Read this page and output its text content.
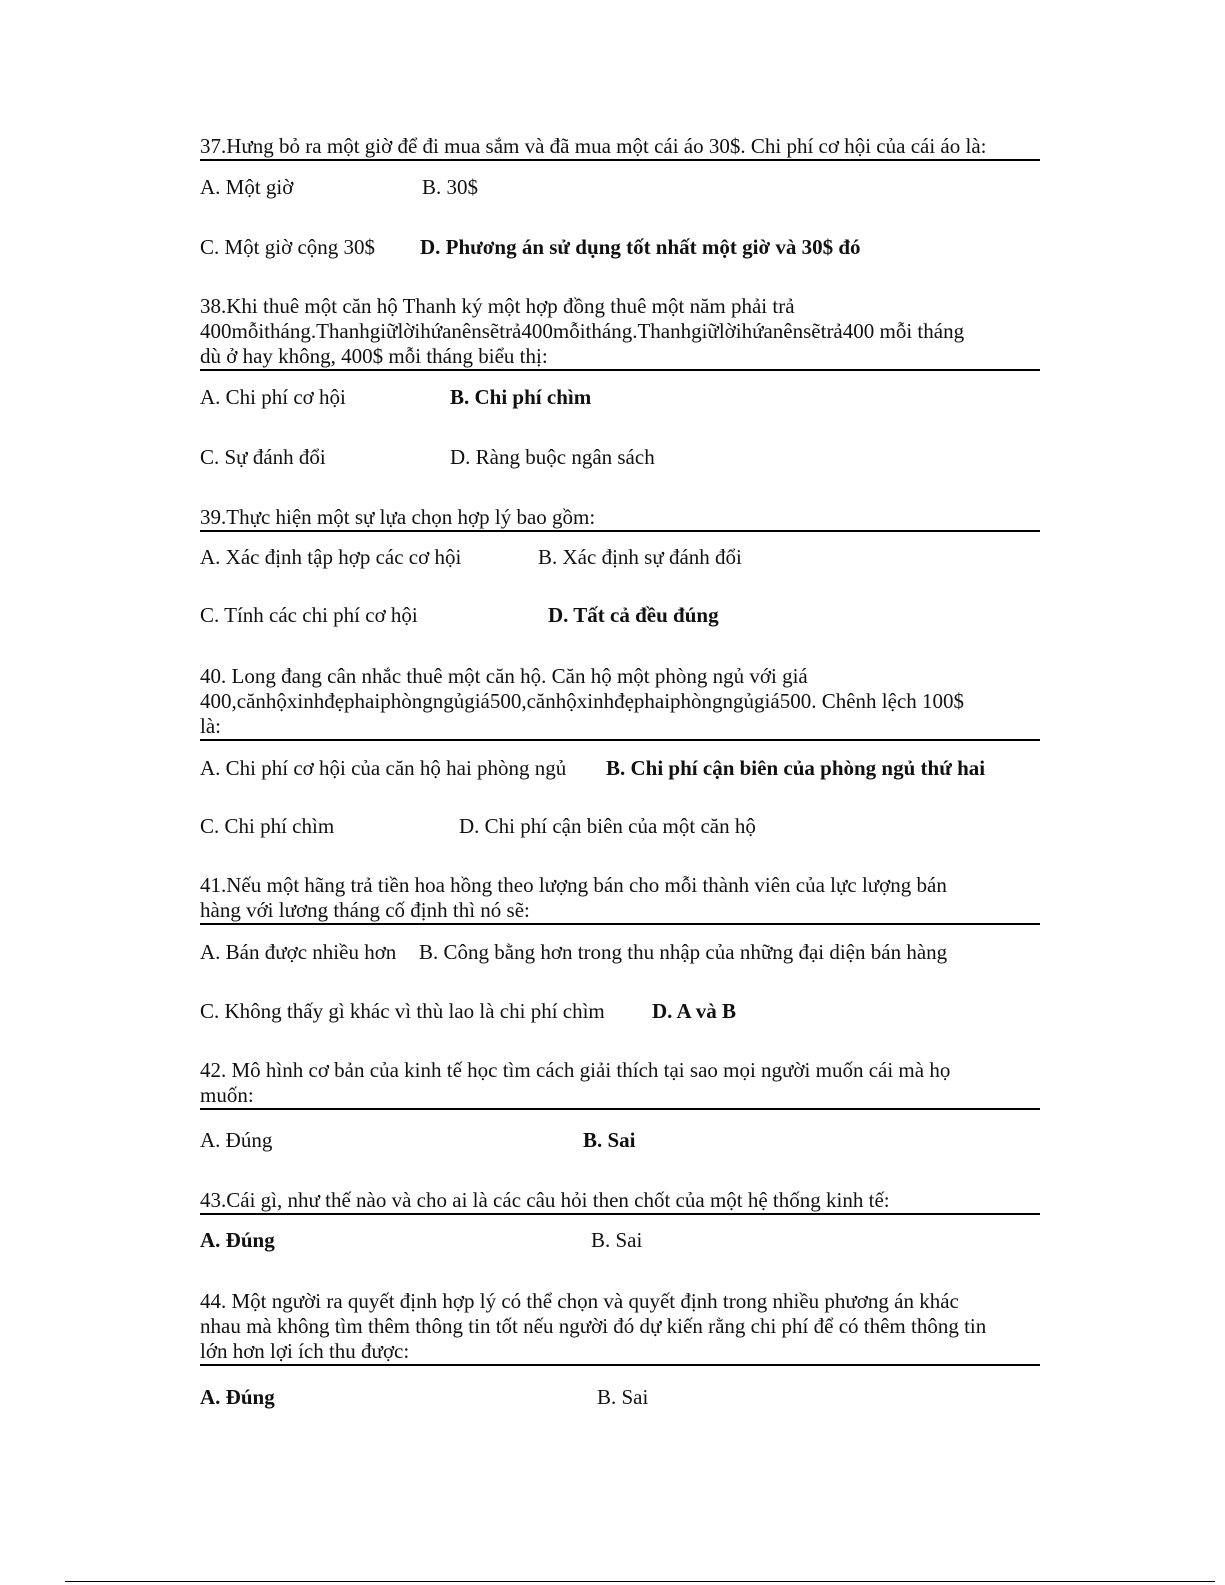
37.Hưng bỏ ra một giờ để đi mua sắm và đã mua một cái áo 30$. Chi phí cơ hội của cái áo là:
A. Một giờ	B. 30$
C. Một giờ cộng 30$ D. Phương án sử dụng tốt nhất một giờ và 30$ đó
38.Khi thuê một căn hộ Thanh ký một hợp đồng thuê một năm phải trả
400mỗitháng.Thanhgiữlờihứanênsẽtrả400mỗitháng.Thanhgiữlờihứanênsẽtrả400 mỗi tháng
dù ở hay không, 400$ mỗi tháng biểu thị:
A. Chi phí cơ hội	B. Chi phí chìm
C. Sự đánh đổi	D. Ràng buộc ngân sách
39.Thực hiện một sự lựa chọn hợp lý bao gồm:
A. Xác định tập hợp các cơ hội	B. Xác định sự đánh đổi
C. Tính các chi phí cơ hội	D. Tất cả đều đúng
40. Long đang cân nhắc thuê một căn hộ. Căn hộ một phòng ngủ với giá
400,cănhộxinhđẹphaiphòngngủgiá500,cănhộxinhđẹphaiphòngngủgiá500. Chênh lệch 100$
là:
A. Chi phí cơ hội của căn hộ hai phòng ngủ B. Chi phí cận biên của phòng ngủ thứ hai
C. Chi phí chìm	D. Chi phí cận biên của một căn hộ
41.Nếu một hãng trả tiền hoa hồng theo lượng bán cho mỗi thành viên của lực lượng bán
hàng với lương tháng cố định thì nó sẽ:
A. Bán được nhiều hơn B. Công bằng hơn trong thu nhập của những đại diện bán hàng
C. Không thấy gì khác vì thù lao là chi phí chìm D. A và B
42. Mô hình cơ bản của kinh tế học tìm cách giải thích tại sao mọi người muốn cái mà họ
muốn:
A. Đúng	B. Sai
43.Cái gì, như thế nào và cho ai là các câu hỏi then chốt của một hệ thống kinh tế:
A. Đúng	B. Sai
44. Một người ra quyết định hợp lý có thể chọn và quyết định trong nhiều phương án khác
nhau mà không tìm thêm thông tin tốt nếu người đó dự kiến rằng chi phí để có thêm thông tin
lớn hơn lợi ích thu được:
A. Đúng	B. Sai
